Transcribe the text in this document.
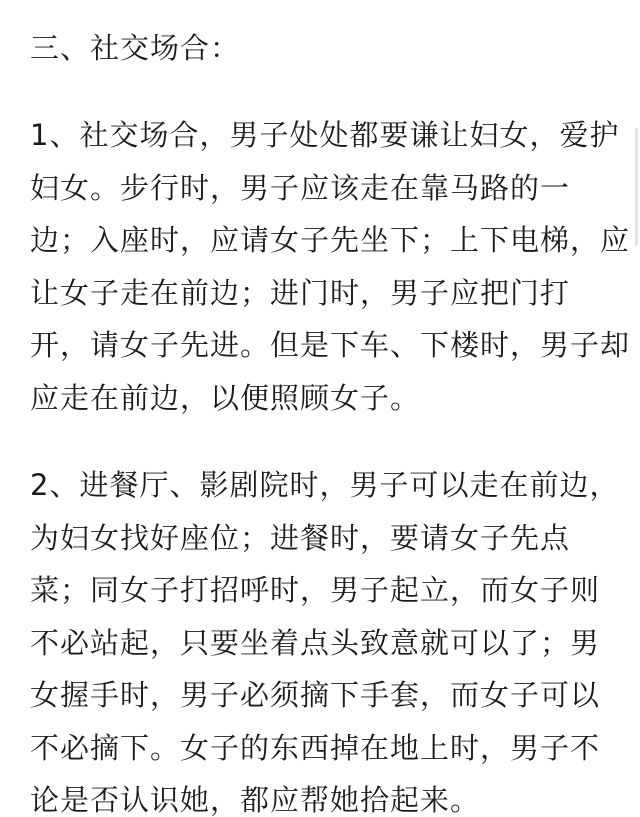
三、社交场合：
1、社交场合，男子处处都要谦让妇女，爱护
妇女。步行时，男子应该走在靠马路的一
边；入座时，应请女子先坐下；上下电梯，应
让女子走在前边；进门时，男子应把门打
开，请女子先进。但是下车、下楼时，男子却
应走在前边，以便照顾女子。
2、进餐厅、影剧院时，男子可以走在前边，
为妇女找好座位；进餐时，要请女子先点
菜；同女子打招呼时，男子起立，而女子则
不必站起，只要坐着点头致意就可以了；男
女握手时，男子必须摘下手套，而女子可以
不必摘下。女子的东西掉在地上时，男子不
论是否认识她，都应帮她拾起来。
